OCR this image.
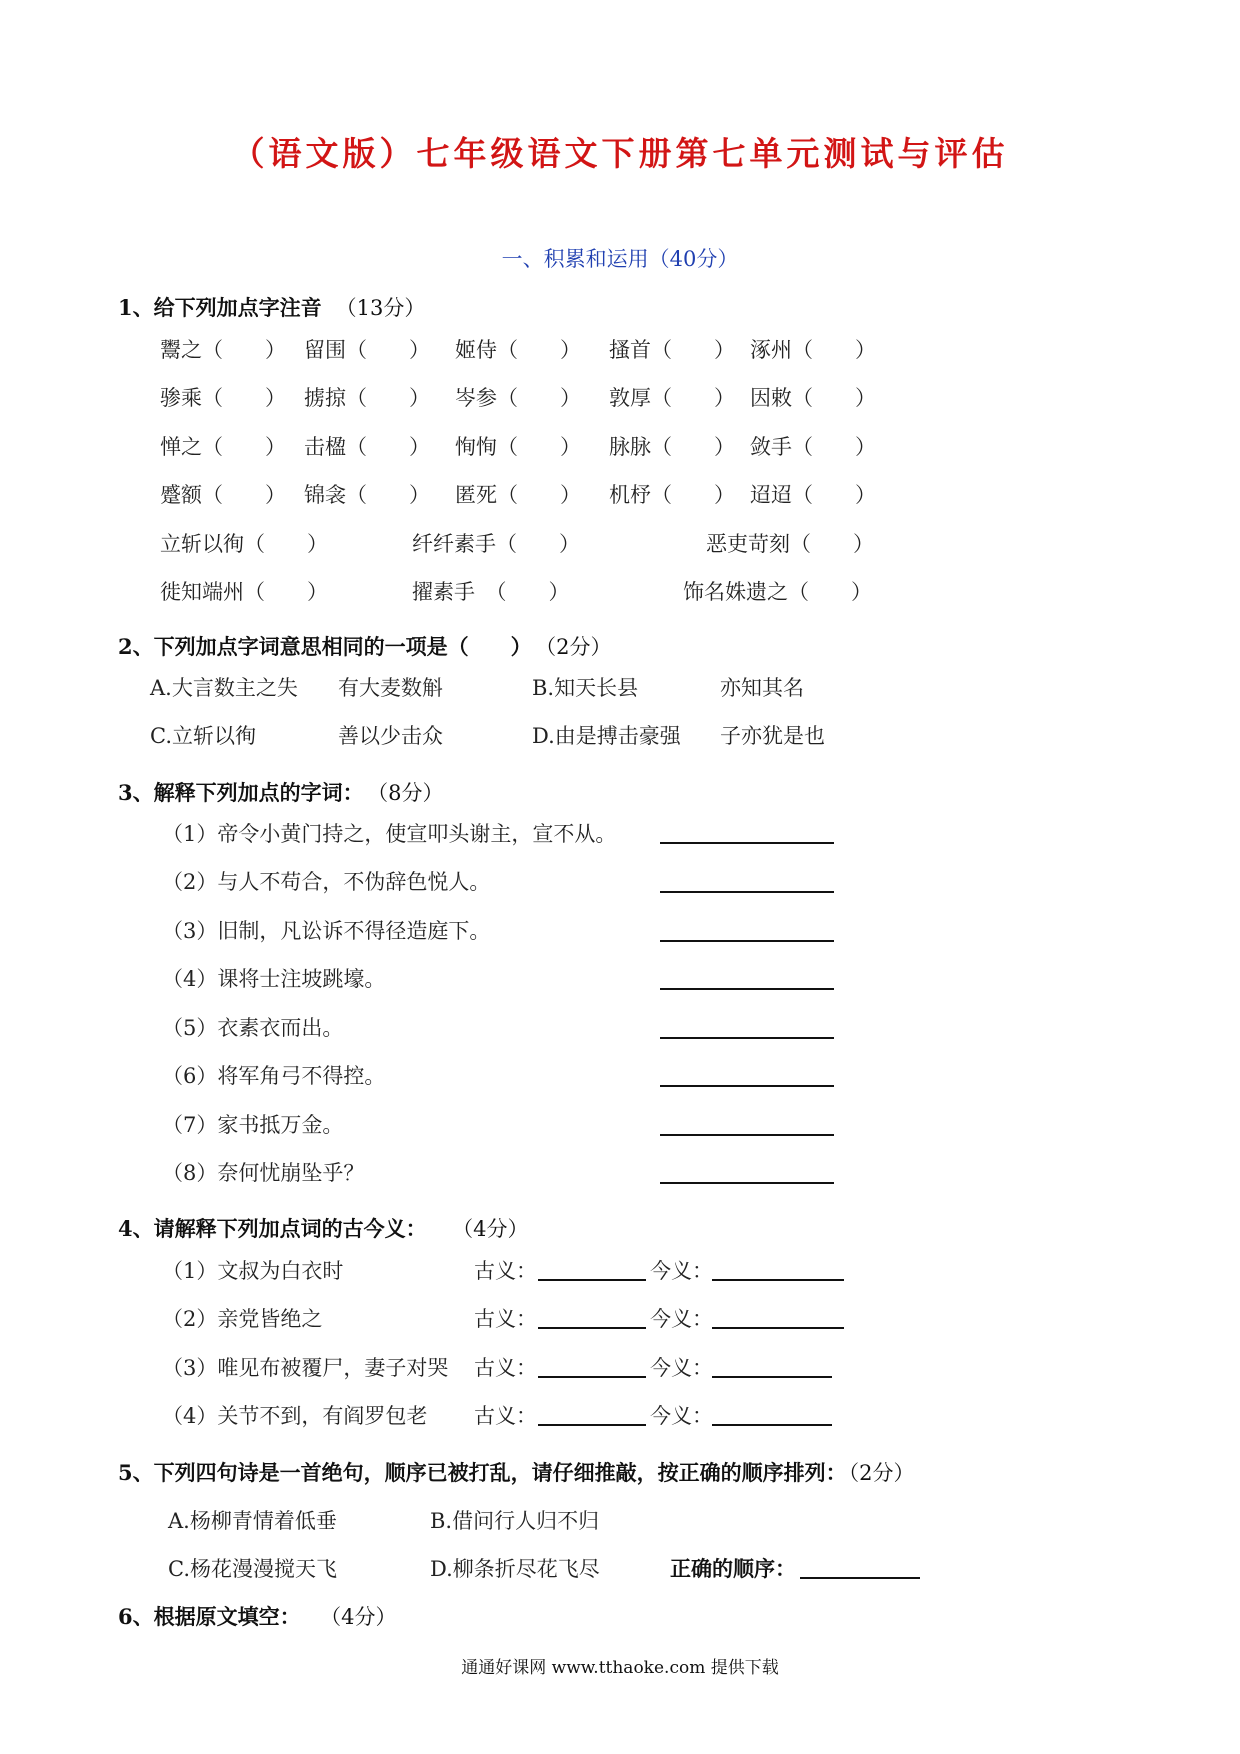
（语文版）七年级语文下册第七单元测试与评估
一、积累和运用（40分）
1、给下列加点字注音 （13分）
鬻之（　　） 留围（　　） 姬侍（　　） 搔首（　　） 涿州（　　）
骖乘（　　） 掳掠（　　） 岑参（　　） 敦厚（　　） 因敕（　　）
惮之（　　） 击楹（　　） 恂恂（　　） 脉脉（　　） 敛手（　　）
蹙额（　　） 锦衾（　　） 匿死（　　） 机杼（　　） 迢迢（　　）
立斩以徇（　　）	纤纤素手（　　）	恶吏苛刻（　　）
徙知端州（　　）	擢素手　（　　）	饰名姝遗之（　　）
2、下列加点字词意思相同的一项是（　　） （2分）
A.大言数主之失 有大麦数斛	B.知天长县	亦知其名
C.立斩以徇	善以少击众	D.由是搏击豪强 子亦犹是也
3、解释下列加点的字词： （8分）
（1）帝令小黄门持之，使宣叩头谢主，宣不从。
（2）与人不苟合，不伪辞色悦人。
（3）旧制，凡讼诉不得径造庭下。
（4）课将士注坡跳壕。
（5）衣素衣而出。
（6）将军角弓不得控。
（7）家书抵万金。
（8）奈何忧崩坠乎？
4、请解释下列加点词的古今义： （4分）
（1）文叔为白衣时	古义：	今义：
（2）亲党皆绝之	古义：	今义：
（3）唯见布被覆尸，妻子对哭 古义：	今义：
（4）关节不到，有阎罗包老 古义：	今义：
5、下列四句诗是一首绝句，顺序已被打乱，请仔细推敲，按正确的顺序排列：（2分）
A.杨柳青情着低垂	B.借问行人归不归
C.杨花漫漫搅天飞	D.柳条折尽花飞尽	正确的顺序：
6、根据原文填空： （4分）
通通好课网 www.tthaoke.com 提供下载
